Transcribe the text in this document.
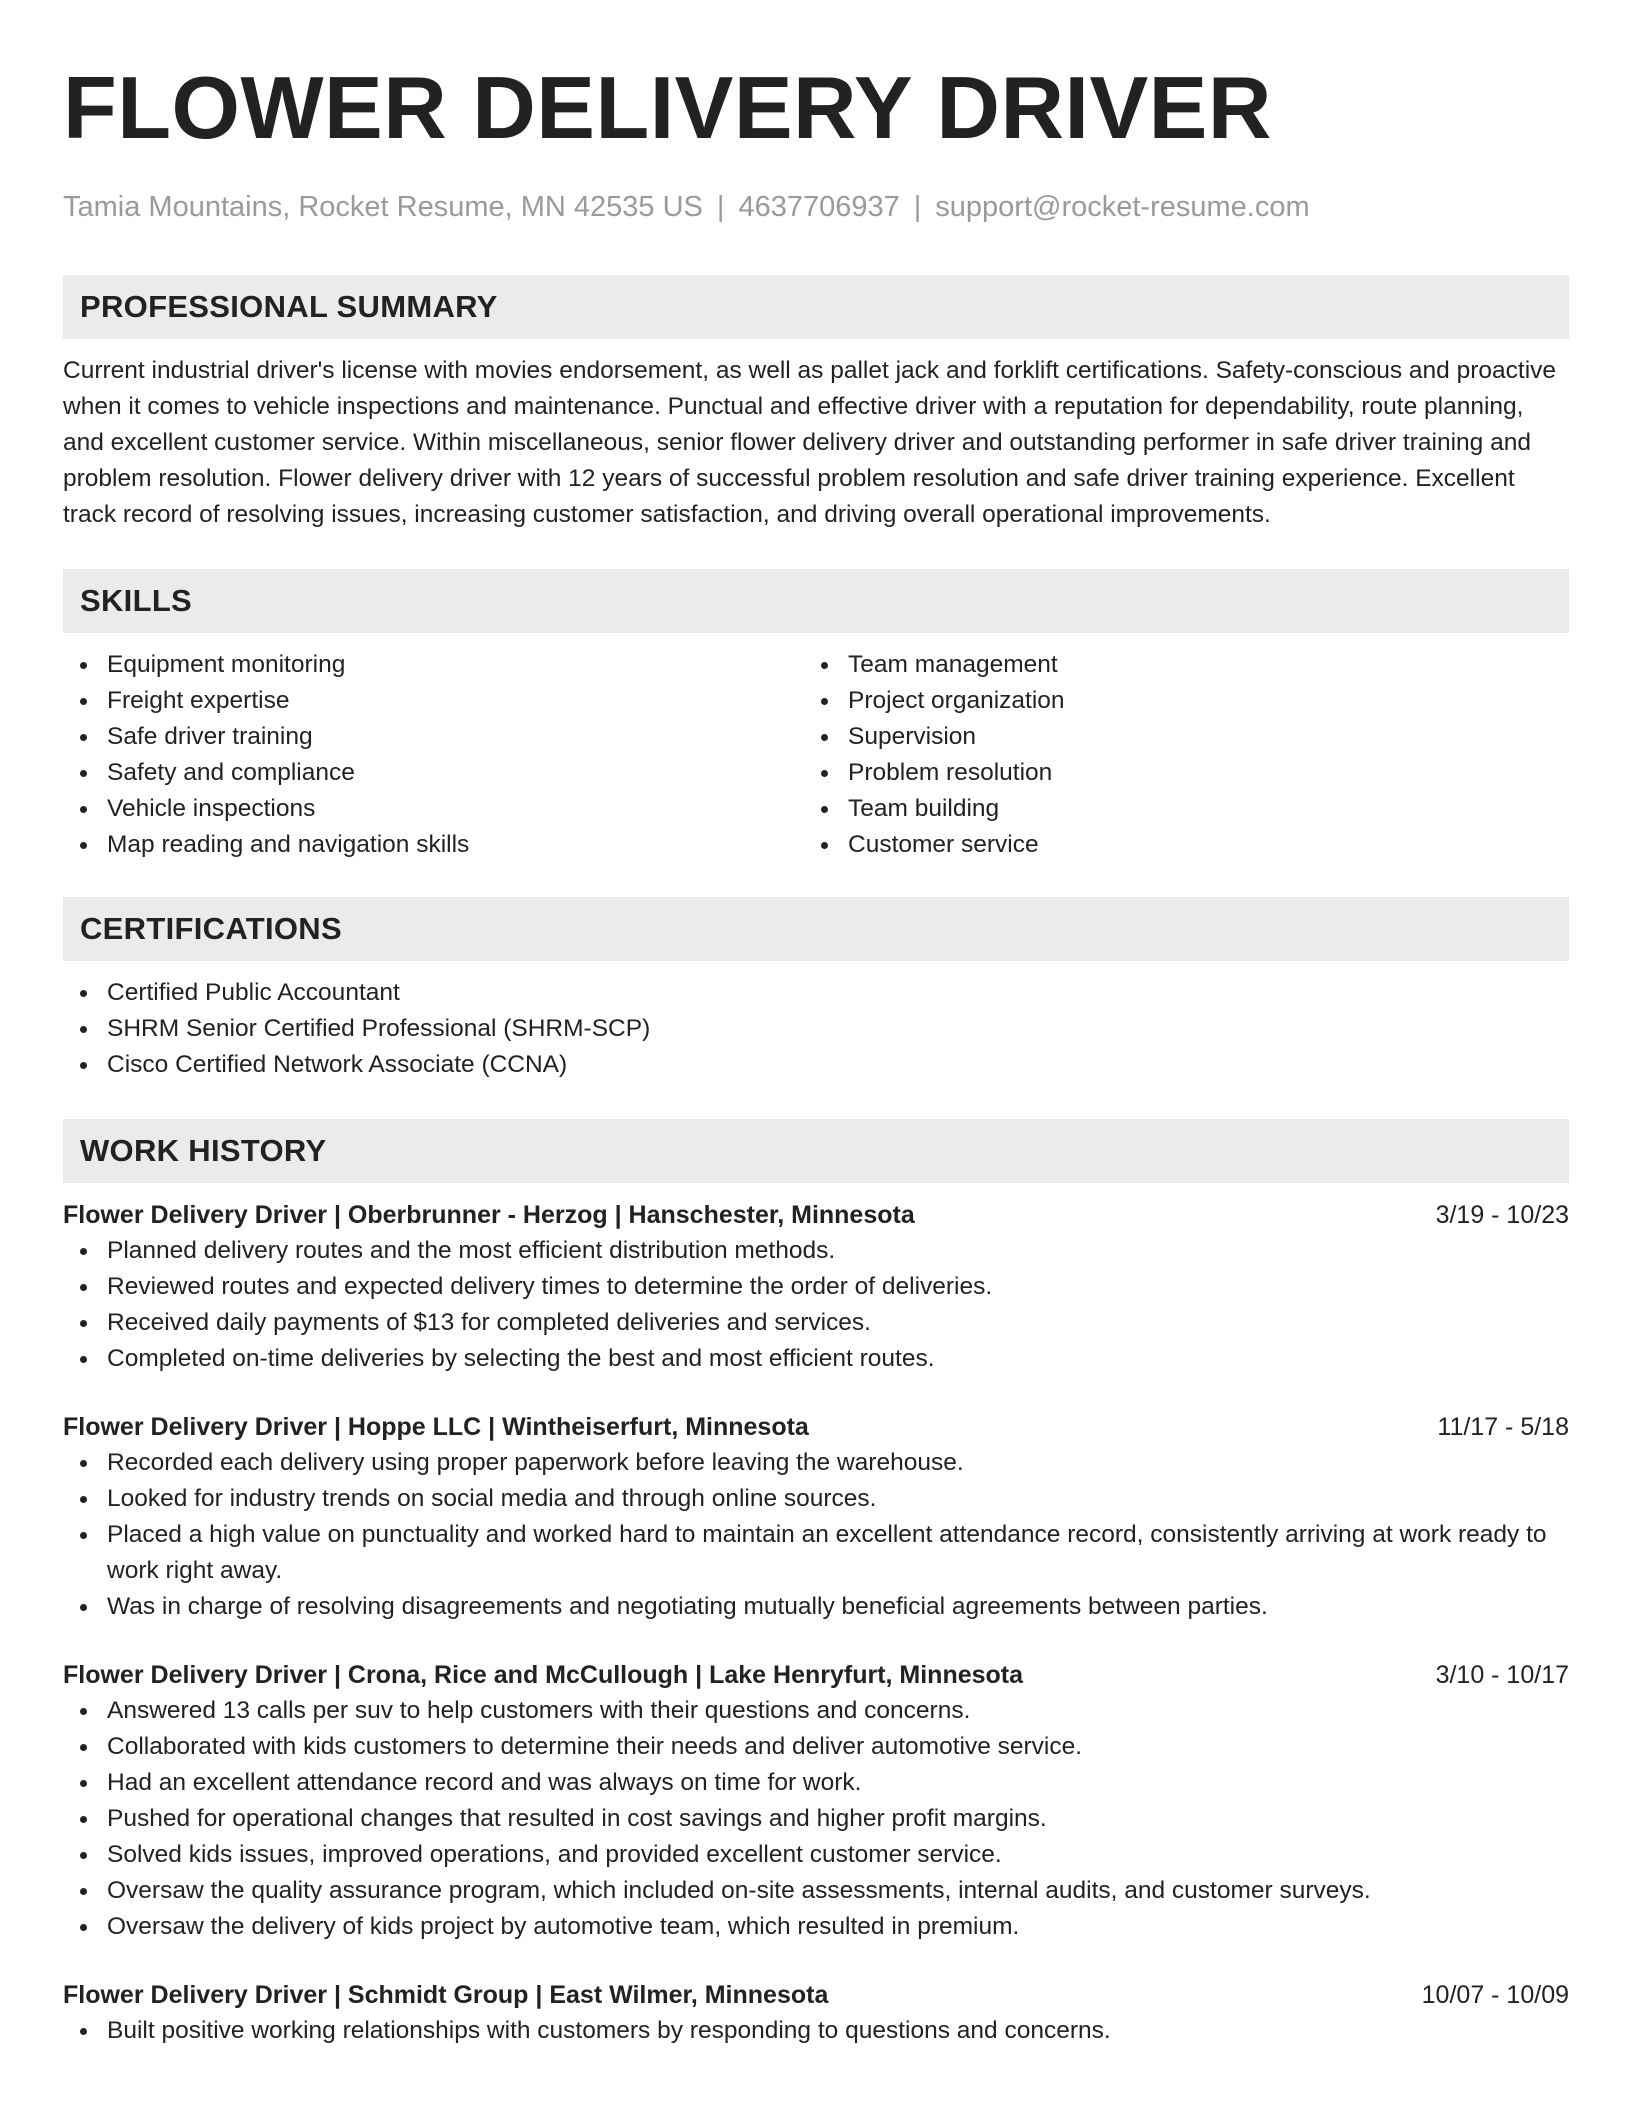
FLOWER DELIVERY DRIVER
Tamia Mountains, Rocket Resume, MN 42535 US | 4637706937 | support@rocket-resume.com
PROFESSIONAL SUMMARY

Current industrial driver's license with movies endorsement, as well as pallet jack and forklift certifications. Safety-conscious and proactive when it comes to vehicle inspections and maintenance. Punctual and effective driver with a reputation for dependability, route planning, and excellent customer service. Within miscellaneous, senior flower delivery driver and outstanding performer in safe driver training and problem resolution. Flower delivery driver with 12 years of successful problem resolution and safe driver training experience. Excellent track record of resolving issues, increasing customer satisfaction, and driving overall operational improvements.

SKILLS
Equipment monitoring
Freight expertise
Safe driver training
Safety and compliance
Vehicle inspections
Map reading and navigation skills
Team management
Project organization
Supervision
Problem resolution
Team building
Customer service
CERTIFICATIONS
Certified Public Accountant
SHRM Senior Certified Professional (SHRM-SCP)
Cisco Certified Network Associate (CCNA)
WORK HISTORY
Flower Delivery Driver | Oberbrunner - Herzog | Hanschester, Minnesota	3/19 - 10/23
Planned delivery routes and the most efficient distribution methods.
Reviewed routes and expected delivery times to determine the order of deliveries.
Received daily payments of $13 for completed deliveries and services.
Completed on-time deliveries by selecting the best and most efficient routes.
Flower Delivery Driver | Hoppe LLC | Wintheiserfurt, Minnesota	11/17 - 5/18
Recorded each delivery using proper paperwork before leaving the warehouse.
Looked for industry trends on social media and through online sources.
Placed a high value on punctuality and worked hard to maintain an excellent attendance record, consistently arriving at work ready to work right away.
Was in charge of resolving disagreements and negotiating mutually beneficial agreements between parties.
Flower Delivery Driver | Crona, Rice and McCullough | Lake Henryfurt, Minnesota	3/10 - 10/17
Answered 13 calls per suv to help customers with their questions and concerns.
Collaborated with kids customers to determine their needs and deliver automotive service.
Had an excellent attendance record and was always on time for work.
Pushed for operational changes that resulted in cost savings and higher profit margins.
Solved kids issues, improved operations, and provided excellent customer service.
Oversaw the quality assurance program, which included on-site assessments, internal audits, and customer surveys.
Oversaw the delivery of kids project by automotive team, which resulted in premium.
Flower Delivery Driver | Schmidt Group | East Wilmer, Minnesota	10/07 - 10/09
Built positive working relationships with customers by responding to questions and concerns.
